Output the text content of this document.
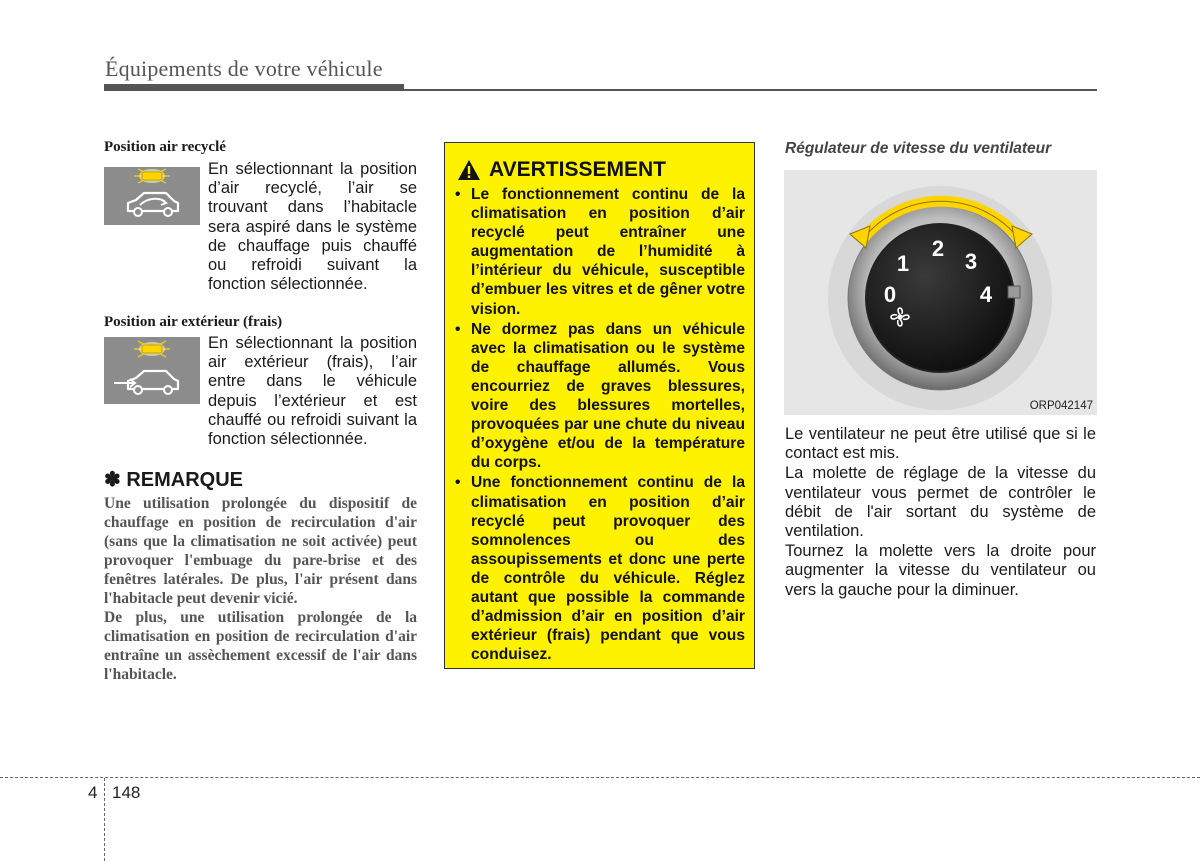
Équipements de votre véhicule
Position air recyclé
En sélectionnant la position d’air recyclé, l’air se trouvant dans l’habitacle sera aspiré dans le système de chauffage puis chauffé ou refroidi suivant la fonction sélectionnée.
Position air extérieur (frais)
En sélectionnant la position air extérieur (frais), l’air entre dans le véhicule depuis l’extérieur et est chauffé ou refroidi suivant la fonction sélectionnée.
✽ REMARQUE

Une utilisation prolongée du dispositif de chauffage en position de recirculation d'air (sans que la climatisation ne soit activée) peut provoquer l'embuage du pare-brise et des fenêtres latérales. De plus, l'air présent dans l'habitacle peut devenir vicié.

De plus, une utilisation prolongée de la climatisation en position de recirculation d'air entraîne un assèchement excessif de l'air dans l'habitacle.

AVERTISSEMENT
• Le fonctionnement continu de la climatisation en position d’air recyclé peut entraîner une augmentation de l’humidité à l’intérieur du véhicule, susceptible d’embuer les vitres et de gêner votre vision.
• Ne dormez pas dans un véhicule avec la climatisation ou le système de chauffage allumés. Vous encourriez de graves blessures, voire des blessures mortelles, provoquées par une chute du niveau d’oxygène et/ou de la température du corps.
• Une fonctionnement continu de la climatisation en position d’air recyclé peut provoquer des somnolences ou des assoupissements et donc une perte de contrôle du véhicule. Réglez autant que possible la commande d’admission d’air en position d’air extérieur (frais) pendant que vous conduisez.
Régulateur de vitesse du ventilateur
0
1
2
3
4
ORP042147

Le ventilateur ne peut être utilisé que si le contact est mis.

La molette de réglage de la vitesse du ventilateur vous permet de contrôler le débit de l'air sortant du système de ventilation.

Tournez la molette vers la droite pour augmenter la vitesse du ventilateur ou vers la gauche pour la diminuer.

4 148
